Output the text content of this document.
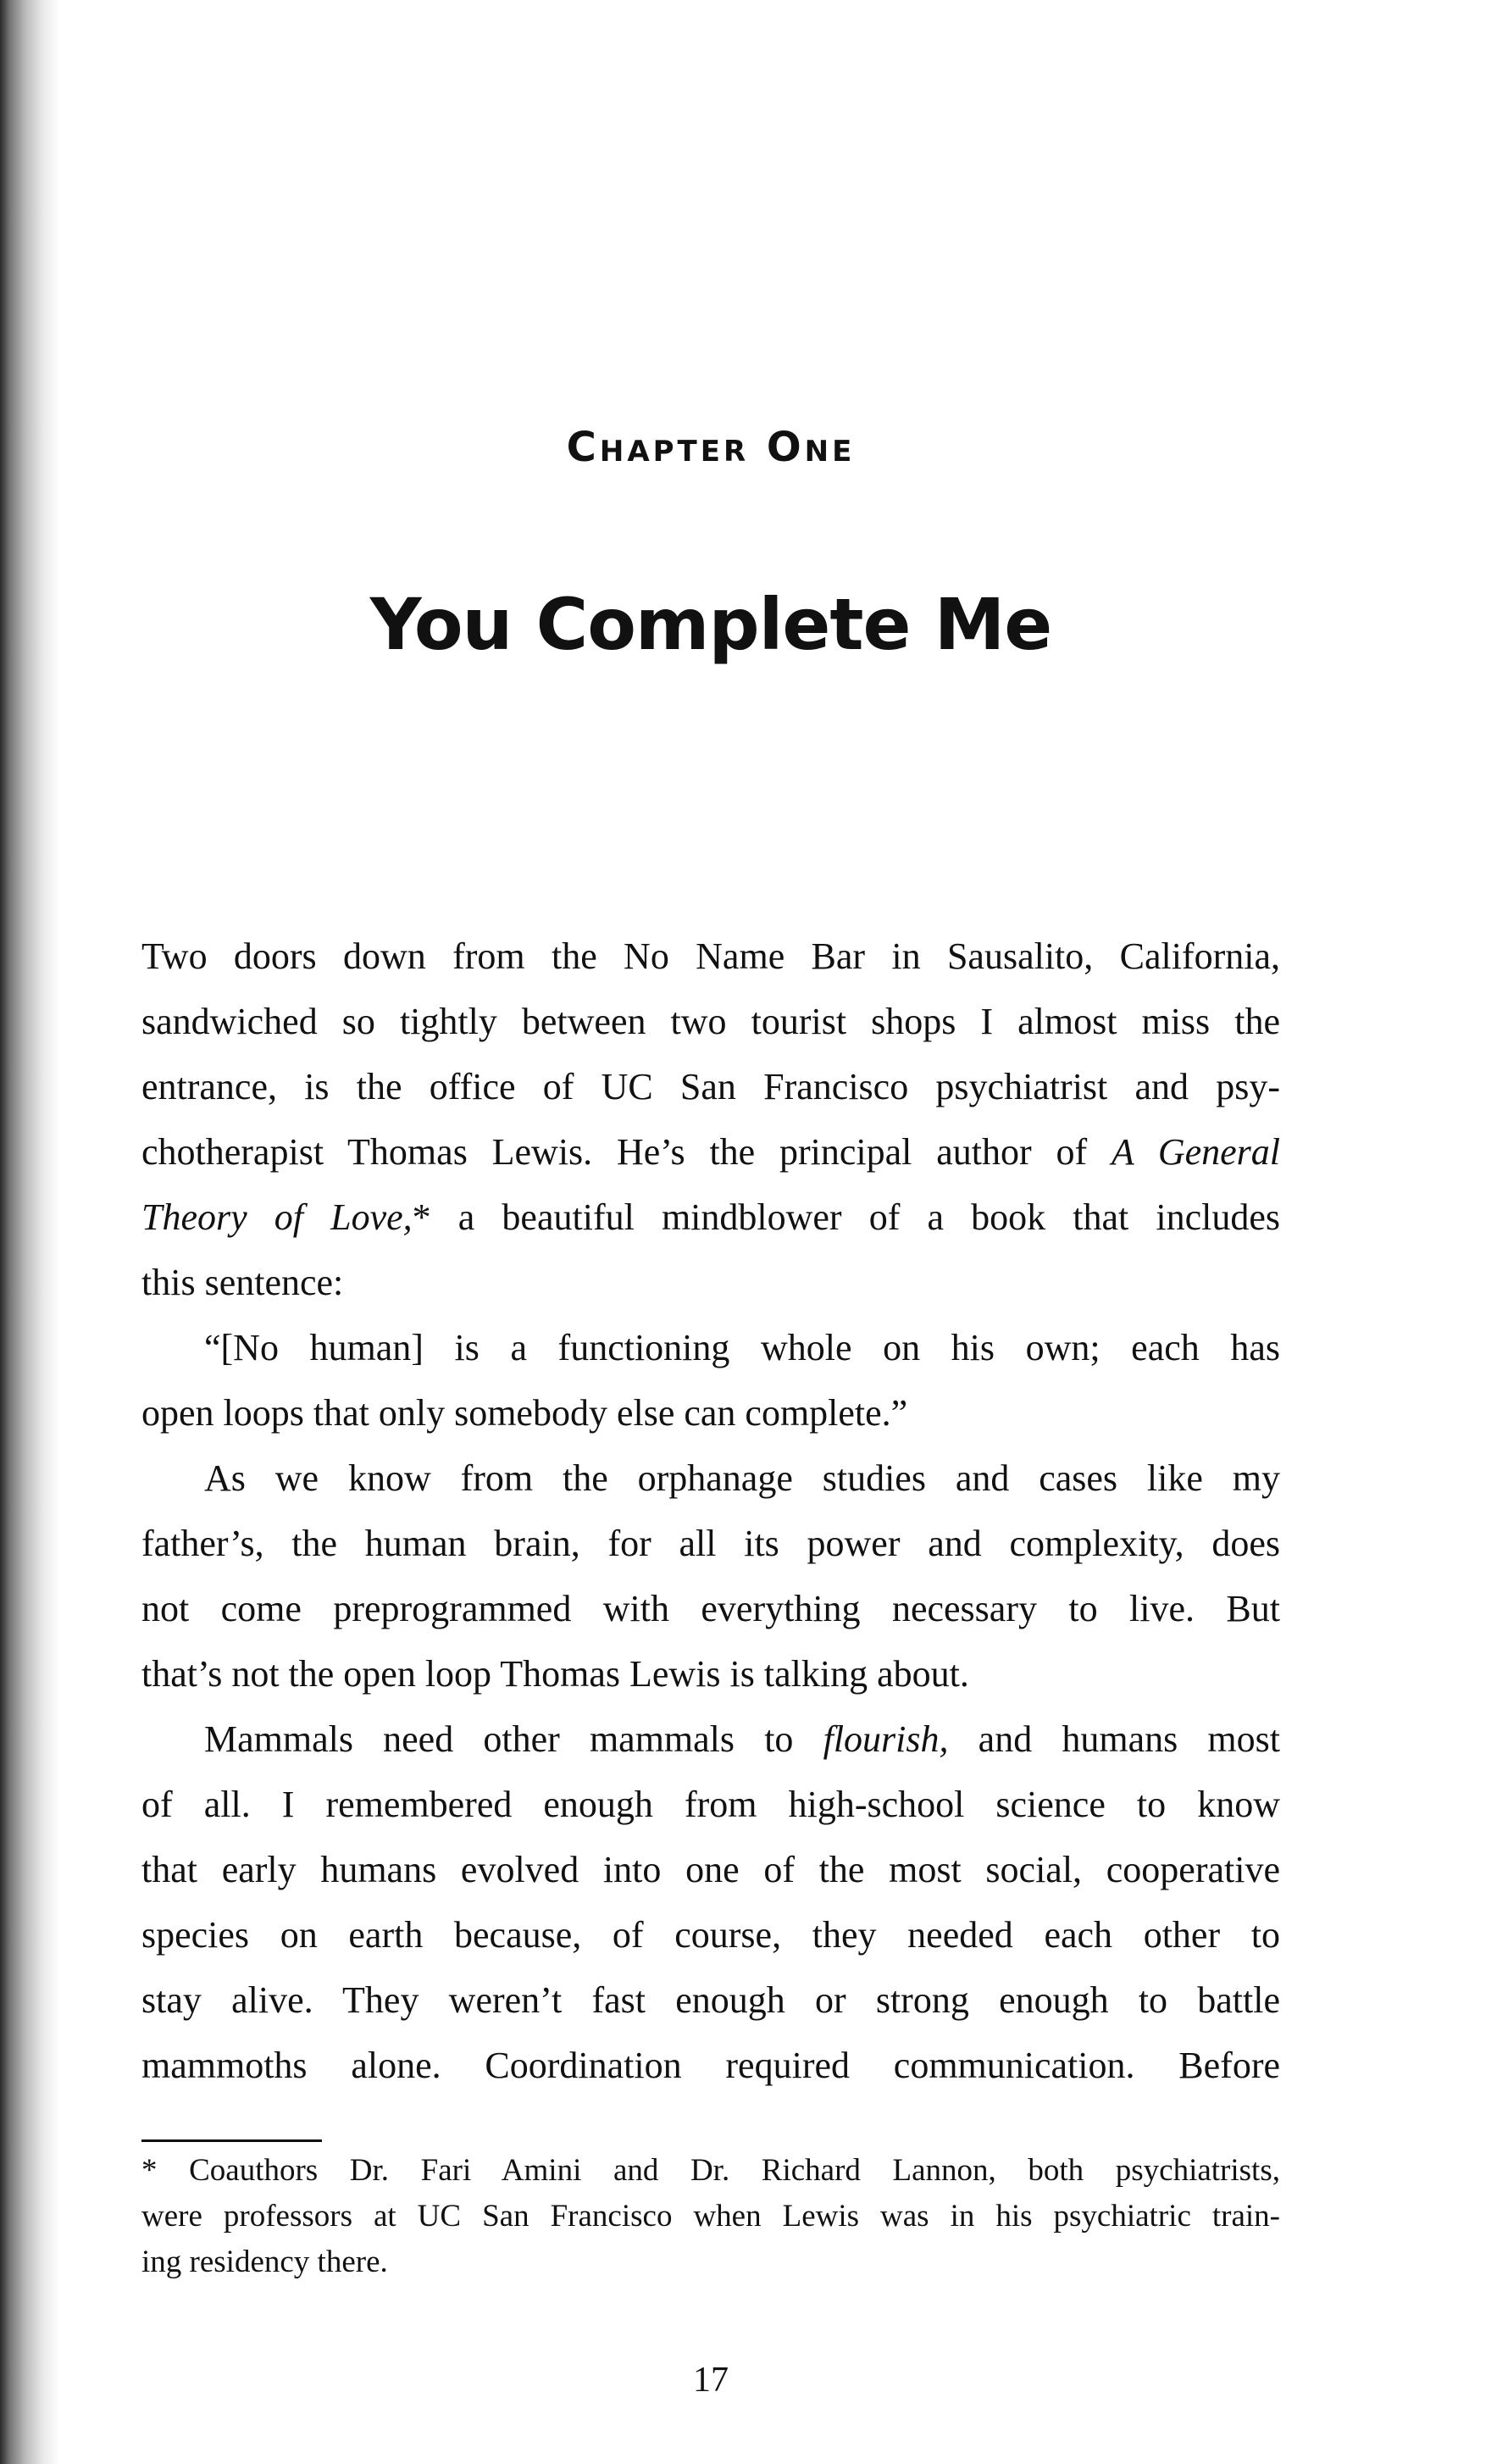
Chapter One
You Complete Me
Two doors down from the No Name Bar in Sausalito, California,
sandwiched so tightly between two tourist shops I almost miss the
entrance, is the office of UC San Francisco psychiatrist and psy-
chotherapist Thomas Lewis. He’s the principal author of A General
Theory of Love,* a beautiful mindblower of a book that includes
this sentence:
“[No human] is a functioning whole on his own; each has
open loops that only somebody else can complete.”
As we know from the orphanage studies and cases like my
father’s, the human brain, for all its power and complexity, does
not come preprogrammed with everything necessary to live. But
that’s not the open loop Thomas Lewis is talking about.
Mammals need other mammals to flourish, and humans most
of all. I remembered enough from high-school science to know
that early humans evolved into one of the most social, cooperative
species on earth because, of course, they needed each other to
stay alive. They weren’t fast enough or strong enough to battle
mammoths alone. Coordination required communication. Before
* Coauthors Dr. Fari Amini and Dr. Richard Lannon, both psychiatrists,
were professors at UC San Francisco when Lewis was in his psychiatric train-
ing residency there.
17
